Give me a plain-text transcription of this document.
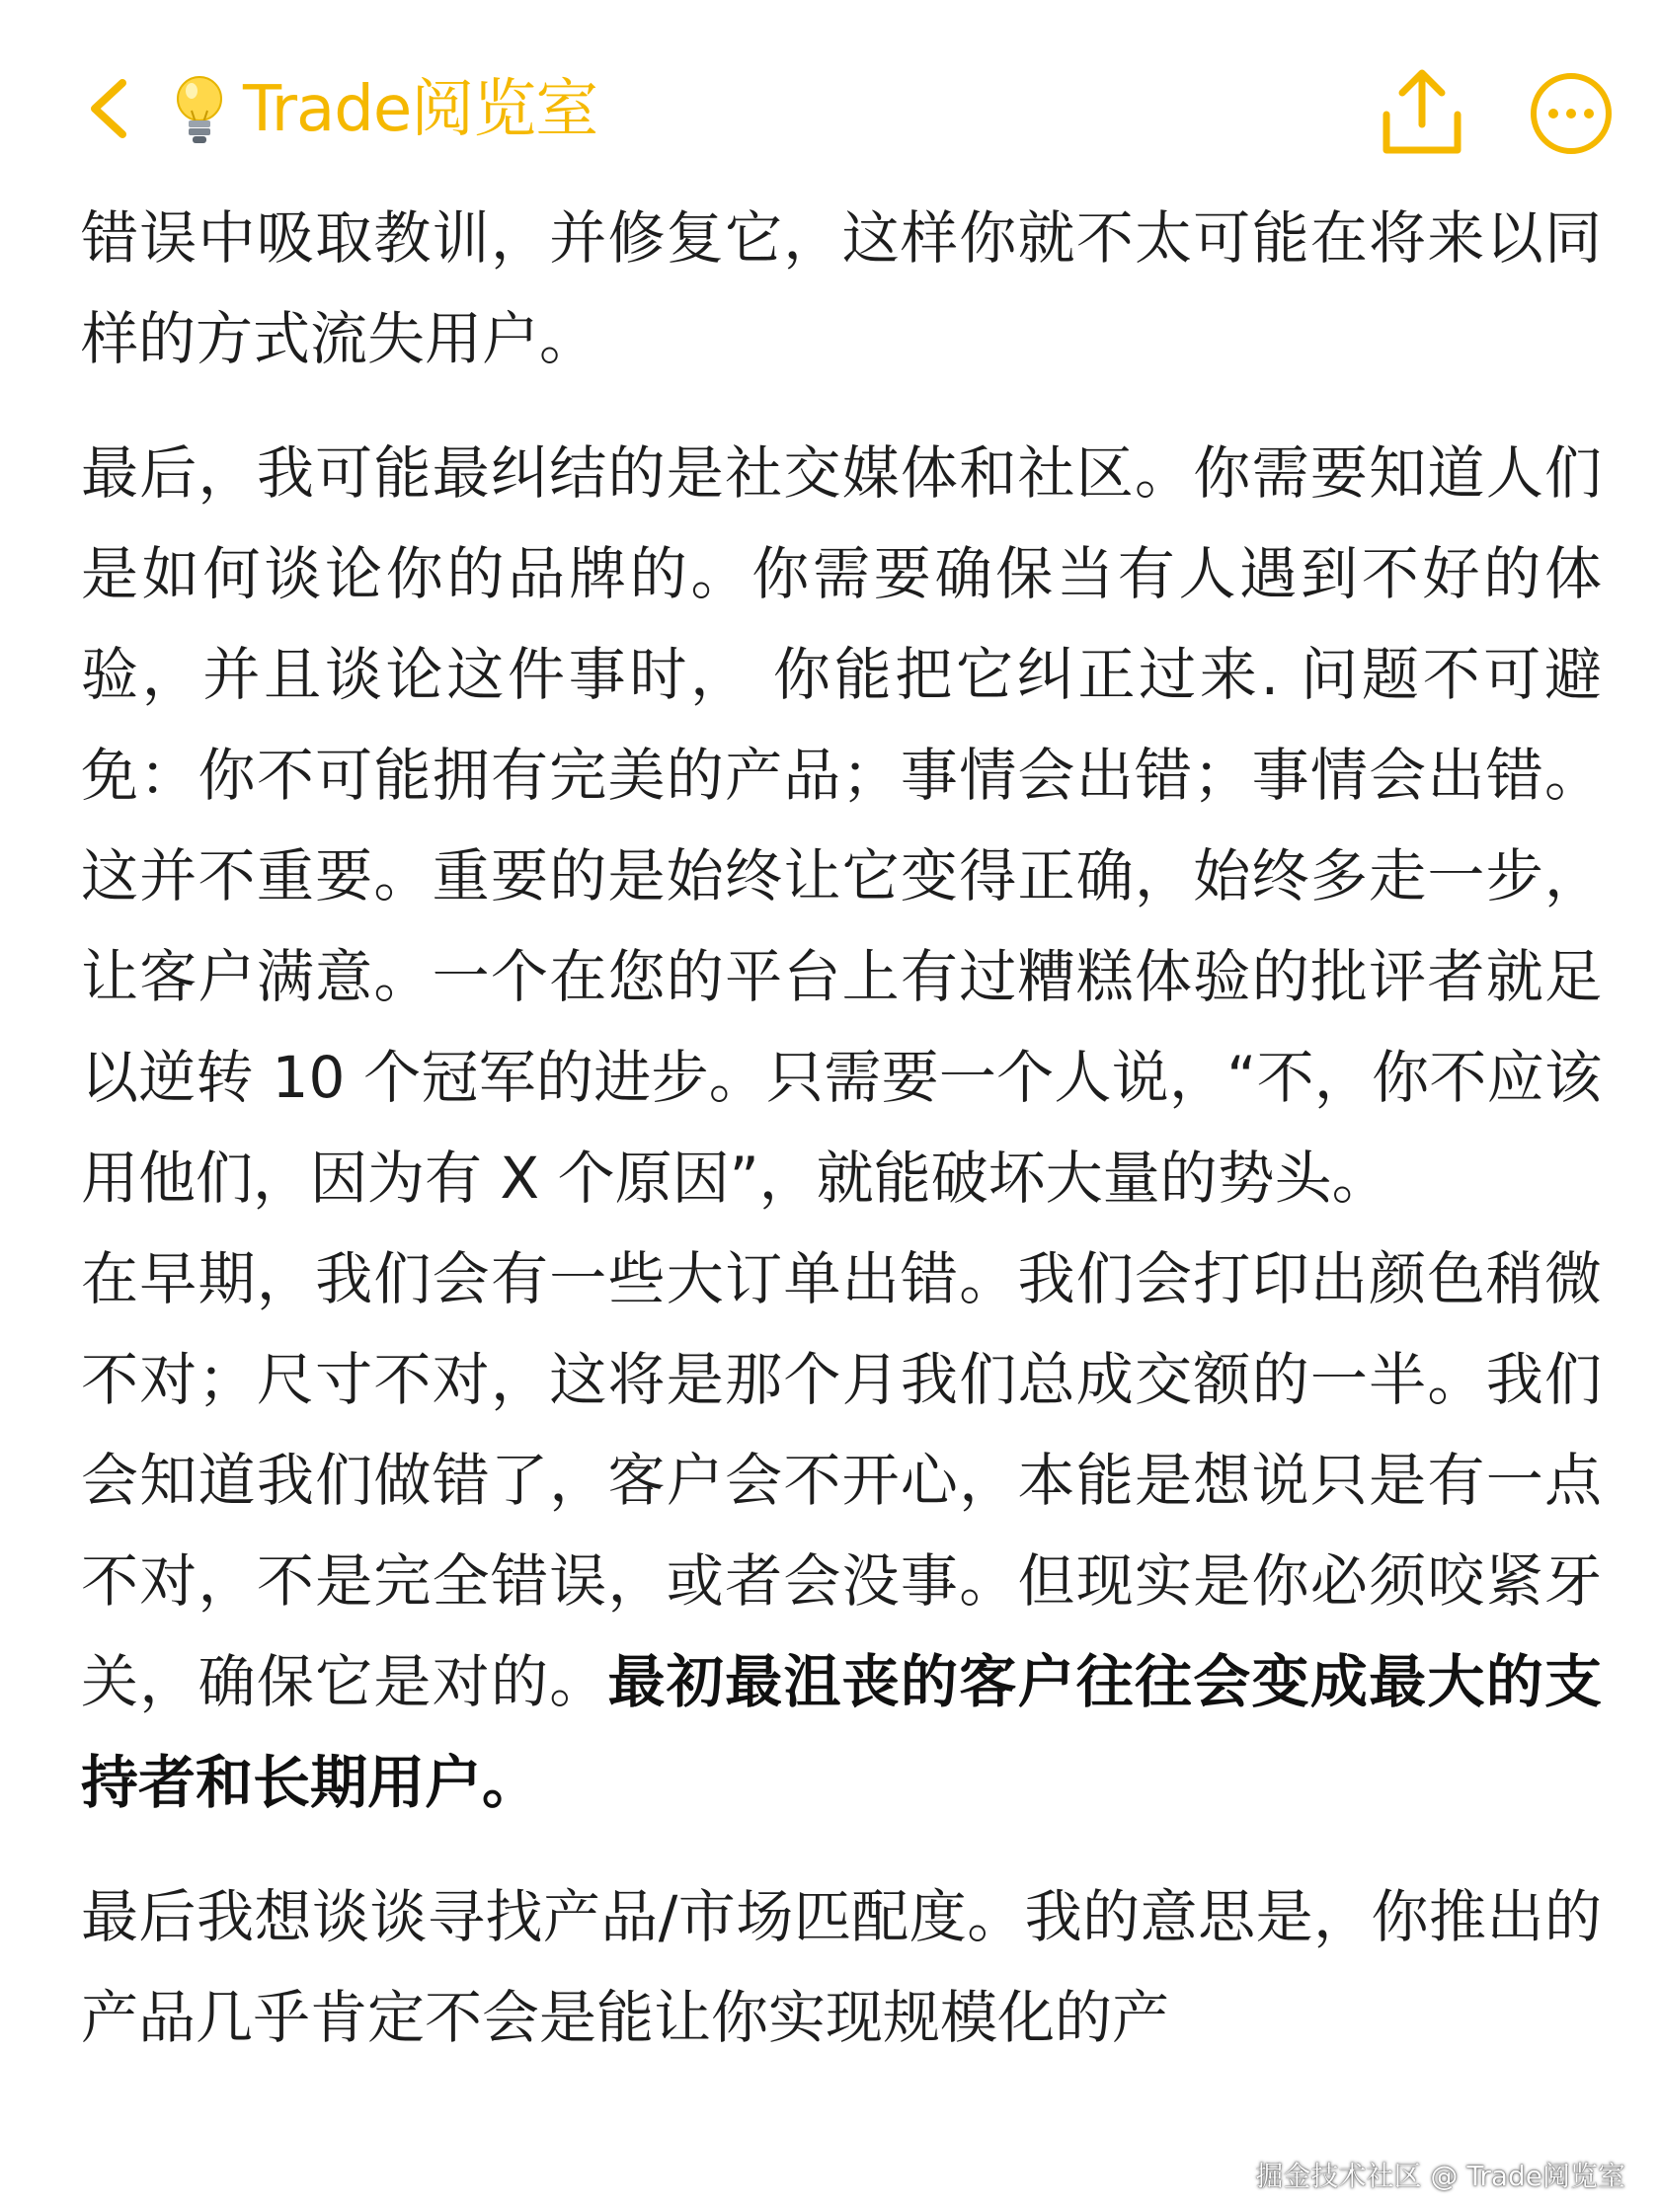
Trade阅览室

错误中吸取教训，并修复它，这样你就不太可能在将来以同样的方式流失用户。

最后，我可能最纠结的是社交媒体和社区。你需要知道人们是如何谈论你的品牌的。你需要确保当有人遇到不好的体验，并且谈论这件事时， 你能把它纠正过来. 问题不可避免：你不可能拥有完美的产品；事情会出错；事情会出错。这并不重要。重要的是始终让它变得正确，始终多走一步，让客户满意。一个在您的平台上有过糟糕体验的批评者就足以逆转 10 个冠军的进步。只需要一个人说，“不，你不应该用他们，因为有 X 个原因”，就能破坏大量的势头。

在早期，我们会有一些大订单出错。我们会打印出颜色稍微不对；尺寸不对，这将是那个月我们总成交额的一半。我们会知道我们做错了，客户会不开心，本能是想说只是有一点不对，不是完全错误，或者会没事。但现实是你必须咬紧牙关，确保它是对的。最初最沮丧的客户往往会变成最大的支持者和长期用户。

最后我想谈谈寻找产品/市场匹配度。我的意思是，你推出的产品几乎肯定不会是能让你实现规模化的产

掘金技术社区 @ Trade阅览室
